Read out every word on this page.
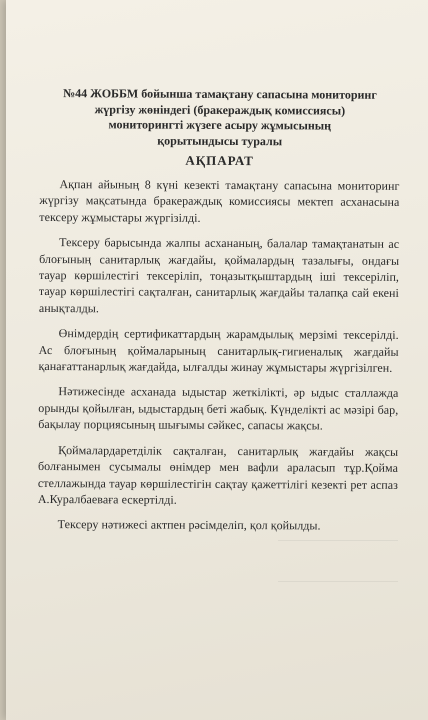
№44 ЖОББМ бойынша тамақтану сапасына мониторинг
жүргізу жөніндегі (бракераждық комиссиясы)
мониторингті жүзеге асыру жұмысының
қорытындысы туралы
АҚПАРАТ

Ақпан айының 8 күні кезекті тамақтану сапасына мониторинг жүргізу мақсатында бракераждық комиссиясы мектеп асханасына тексеру жұмыстары жүргізілді.

Тексеру барысында жалпы асхананың, балалар тамақтанатын ас блоғының санитарлық жағдайы, қоймалардың тазалығы, ондағы тауар көршілестігі тексеріліп, тоңазытқыштардың іші тексеріліп, тауар көршілестігі сақталған, санитарлық жағдайы талапқа сай екені анықталды.

Өнімдердің сертификаттардың жарамдылық мерзімі тексерілді. Ас блоғының қоймаларының санитарлық-гигиеналық жағдайы қанағаттанарлық жағдайда, ылғалды жинау жұмыстары жүргізілген.

Нәтижесінде асханада ыдыстар жеткілікті, әр ыдыс сталлажда орынды қойылған, ыдыстардың беті жабық. Күнделікті ас мәзірі бар, бақылау порциясының шығымы сәйкес, сапасы жақсы.

Қоймалардаретділік сақталған, санитарлық жағдайы жақсы болғанымен сусымалы өнімдер мен вафли араласып тұр.Қойма стеллажында тауар көршілестігін сақтау қажеттілігі кезекті рет аспаз А.Куралбаеваға ескертілді.

Тексеру нәтижесі актпен рәсімделіп, қол қойылды.
